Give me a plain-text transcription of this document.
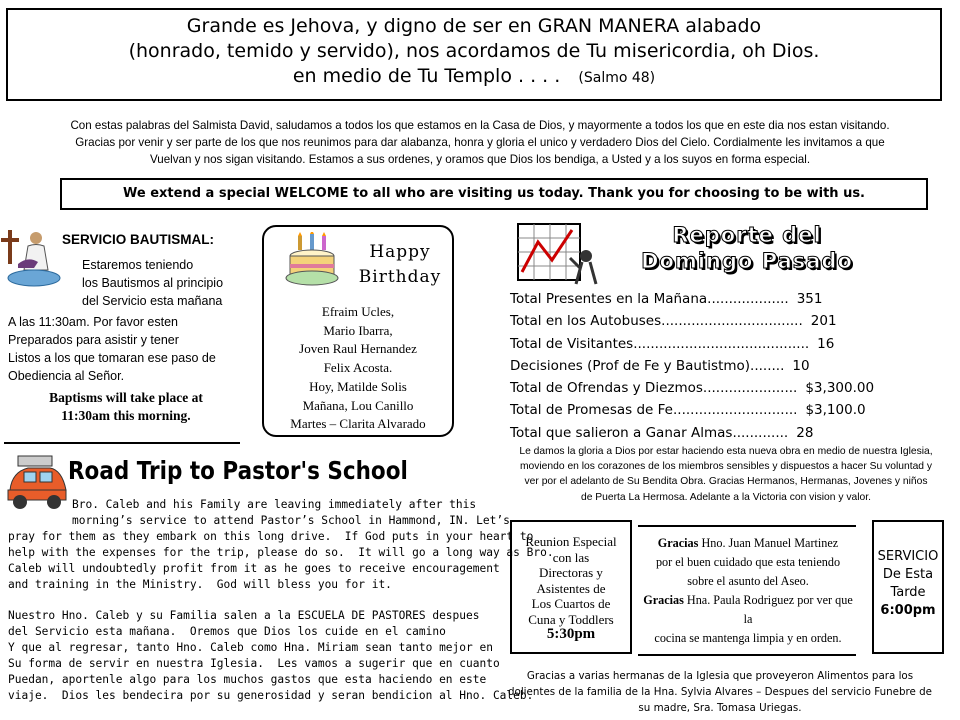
Grande es Jehova, y digno de ser en GRAN MANERA alabado
(honrado, temido y servido), nos acordamos de Tu misericordia, oh Dios.
en medio de Tu Templo . . . . (Salmo 48)
Con estas palabras del Salmista David, saludamos a todos los que estamos en la Casa de Dios, y mayormente a todos los que en este dia nos estan visitando.
Gracias por venir y ser parte de los que nos reunimos para dar alabanza, honra y gloria el unico y verdadero Dios del Cielo. Cordialmente les invitamos a que
Vuelvan y nos sigan visitando. Estamos a sus ordenes, y oramos que Dios los bendiga, a Usted y a los suyos en forma especial.
We extend a special WELCOME to all who are visiting us today. Thank you for choosing to be with us.
SERVICIO BAUTISMAL:
Estaremos teniendo
los Bautismos al principio
del Servicio esta mañana
A las 11:30am. Por favor esten
Preparados para asistir y tener
Listos a los que tomaran ese paso de
Obediencia al Señor.
Baptisms will take place at
11:30am this morning.
Happy
Birthday
Efraim Ucles,
Mario Ibarra,
Joven Raul Hernandez
Felix Acosta.
Hoy, Matilde Solis
Mañana, Lou Canillo
Martes – Clarita Alvarado
Reporte del
Domingo Pasado
Total Presentes en la Mañana ................... 351
Total en los Autobuses ................................. 201
Total de Visitantes ......................................... 16
Decisiones (Prof de Fe y Bautistmo) ........ 10
Total de Ofrendas y Diezmos ...................... $3,300.00
Total de Promesas de Fe ............................. $3,100.0
Total que salieron a Ganar Almas ............. 28
Le damos la gloria a Dios por estar haciendo esta nueva obra en medio de nuestra Iglesia,
moviendo en los corazones de los miembros sensibles y dispuestos a hacer Su voluntad y
ver por el adelanto de Su Bendita Obra. Gracias Hermanos, Hermanas, Jovenes y niños
de Puerta La Hermosa. Adelante a la Victoria con vision y valor.
Road Trip to Pastor's School
Bro. Caleb and his Family are leaving immediately after this
morning’s service to attend Pastor’s School in Hammond, IN. Let’s
pray for them as they embark on this long drive.  If God puts in your heart to
help with the expenses for the trip, please do so.  It will go a long way as Bro.
Caleb will undoubtedly profit from it as he goes to receive encouragement
and training in the Ministry.  God will bless you for it.
Nuestro Hno. Caleb y su Familia salen a la ESCUELA DE PASTORES despues
del Servicio esta mañana.  Oremos que Dios los cuide en el camino
Y que al regresar, tanto Hno. Caleb como Hna. Miriam sean tanto mejor en
Su forma de servir en nuestra Iglesia.  Les vamos a sugerir que en cuanto
Puedan, aportenle algo para los muchos gastos que esta haciendo en este
viaje.  Dios les bendecira por su generosidad y seran bendicion al Hno. Caleb.
Reunion Especial
con las
Directoras y
Asistentes de
Los Cuartos de
Cuna y Toddlers
5:30pm
Gracias Hno. Juan Manuel Martinez
por el buen cuidado que esta teniendo
sobre el asunto del Aseo.
Gracias Hna. Paula Rodriguez por ver que la
cocina se mantenga limpia y en orden.
SERVICIO
De Esta
Tarde
6:00pm
Gracias a varias hermanas de la Iglesia que proveyeron Alimentos para los
dolientes de la familia de la Hna. Sylvia Alvares – Despues del servicio Funebre de
su madre, Sra. Tomasa Uriegas.
